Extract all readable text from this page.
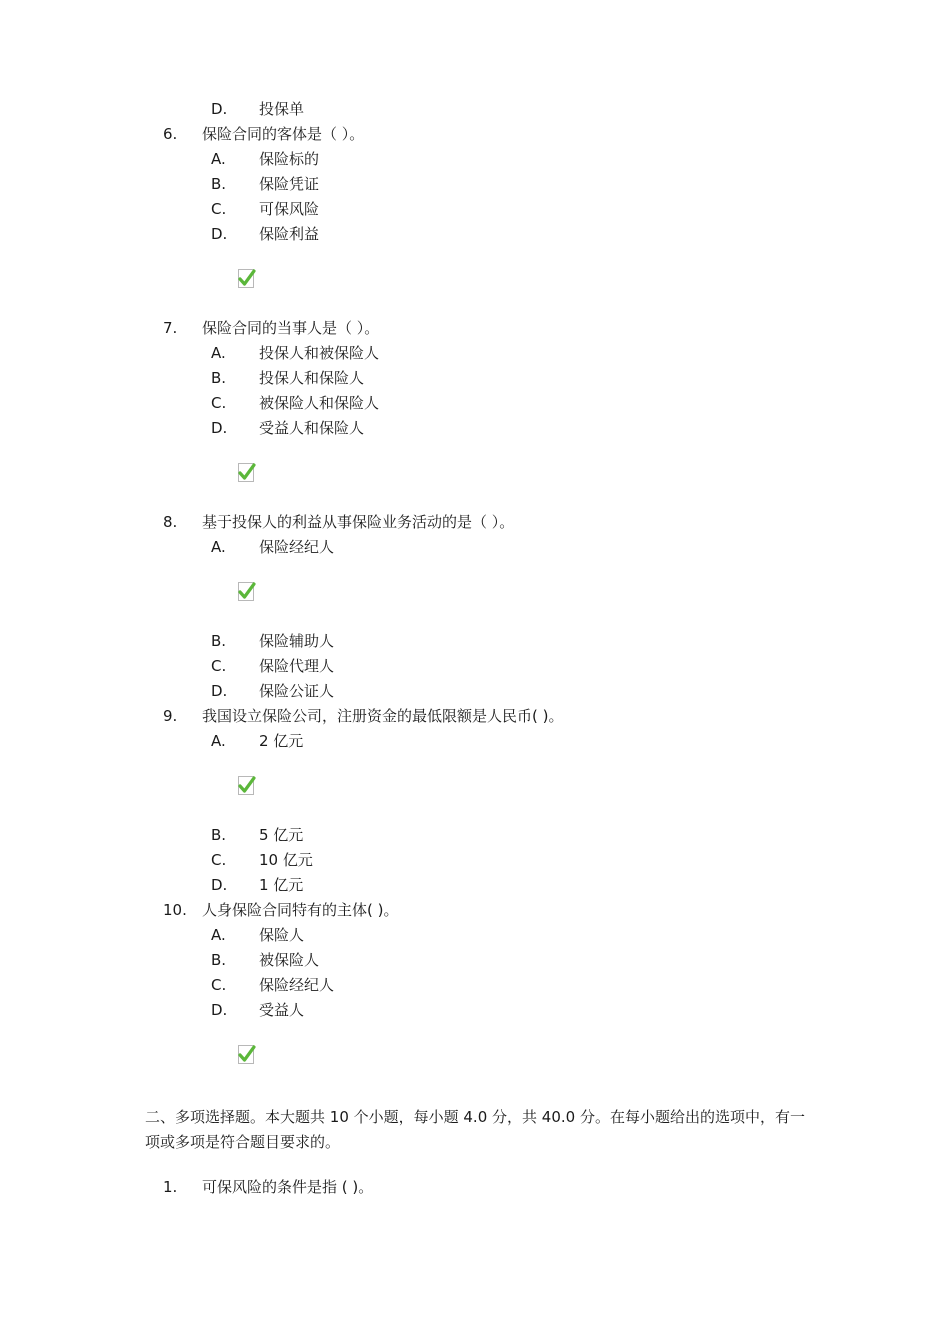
D. 投保单
6. 保险合同的客体是（ ）。
A. 保险标的
B. 保险凭证
C. 可保风险
D. 保险利益
7. 保险合同的当事人是（ ）。
A. 投保人和被保险人
B. 投保人和保险人
C. 被保险人和保险人
D. 受益人和保险人
8. 基于投保人的利益从事保险业务活动的是（ ）。
A. 保险经纪人
B. 保险辅助人
C. 保险代理人
D. 保险公证人
9. 我国设立保险公司，注册资金的最低限额是人民币( )。
A. 2 亿元
B. 5 亿元
C. 10 亿元
D. 1 亿元
10. 人身保险合同特有的主体( )。
A. 保险人
B. 被保险人
C. 保险经纪人
D. 受益人
二、多项选择题。本大题共 10 个小题，每小题 4.0 分，共 40.0 分。在每小题给出的选项中，有一项或多项是符合题目要求的。
1. 可保风险的条件是指 ( )。
